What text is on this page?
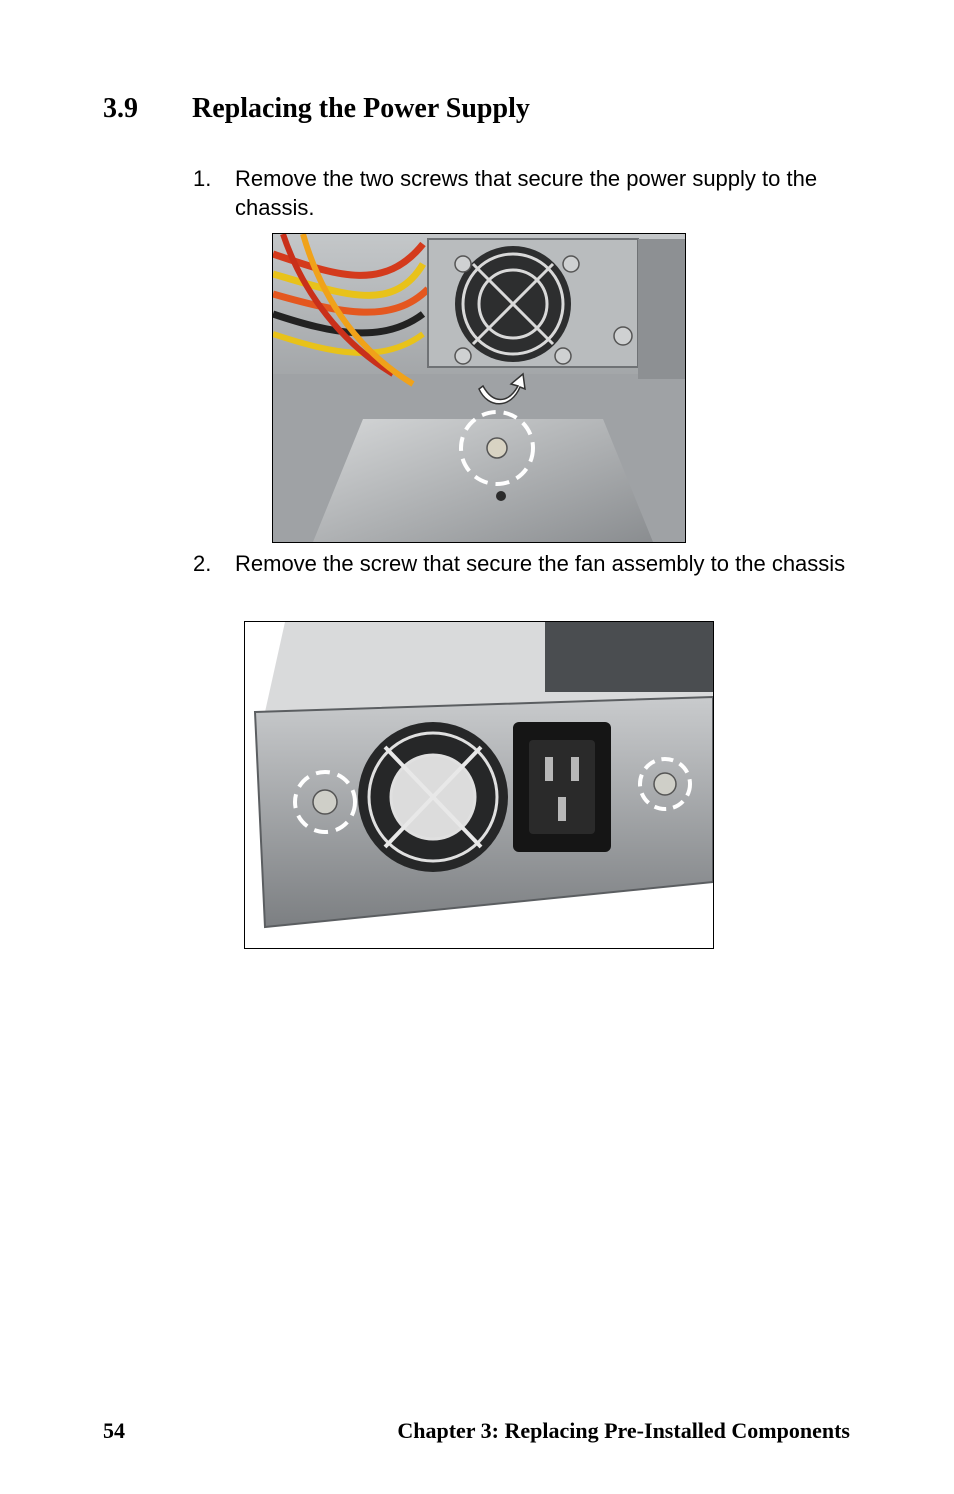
3.9 Replacing the Power Supply
1. Remove the two screws that secure the power supply to the chassis.
2. Remove the screw that secure the fan assembly to the chassis
54	Chapter 3: Replacing Pre-Installed Components
